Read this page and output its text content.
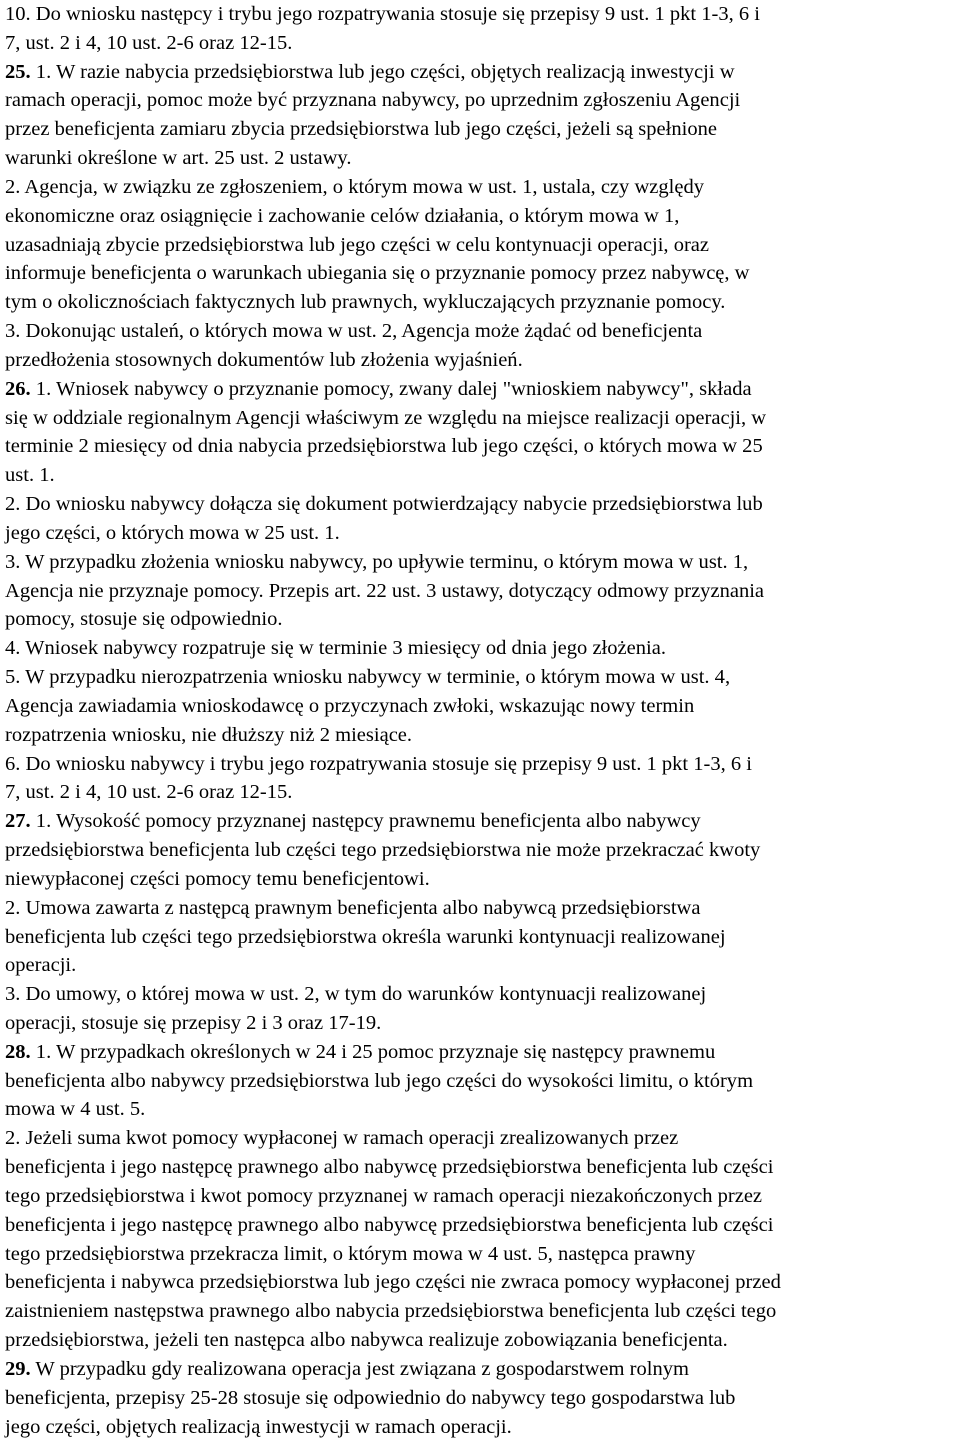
10. Do wniosku następcy i trybu jego rozpatrywania stosuje się przepisy 9 ust. 1 pkt 1-3, 6 i
7, ust. 2 i 4, 10 ust. 2-6 oraz 12-15.
25. 1. W razie nabycia przedsiębiorstwa lub jego części, objętych realizacją inwestycji w
ramach operacji, pomoc może być przyznana nabywcy, po uprzednim zgłoszeniu Agencji
przez beneficjenta zamiaru zbycia przedsiębiorstwa lub jego części, jeżeli są spełnione
warunki określone w art. 25 ust. 2 ustawy.
2. Agencja, w związku ze zgłoszeniem, o którym mowa w ust. 1, ustala, czy względy
ekonomiczne oraz osiągnięcie i zachowanie celów działania, o którym mowa w 1,
uzasadniają zbycie przedsiębiorstwa lub jego części w celu kontynuacji operacji, oraz
informuje beneficjenta o warunkach ubiegania się o przyznanie pomocy przez nabywcę, w
tym o okolicznościach faktycznych lub prawnych, wykluczających przyznanie pomocy.
3. Dokonując ustaleń, o których mowa w ust. 2, Agencja może żądać od beneficjenta
przedłożenia stosownych dokumentów lub złożenia wyjaśnień.
26. 1. Wniosek nabywcy o przyznanie pomocy, zwany dalej "wnioskiem nabywcy", składa
się w oddziale regionalnym Agencji właściwym ze względu na miejsce realizacji operacji, w
terminie 2 miesięcy od dnia nabycia przedsiębiorstwa lub jego części, o których mowa w 25
ust. 1.
2. Do wniosku nabywcy dołącza się dokument potwierdzający nabycie przedsiębiorstwa lub
jego części, o których mowa w 25 ust. 1.
3. W przypadku złożenia wniosku nabywcy, po upływie terminu, o którym mowa w ust. 1,
Agencja nie przyznaje pomocy. Przepis art. 22 ust. 3 ustawy, dotyczący odmowy przyznania
pomocy, stosuje się odpowiednio.
4. Wniosek nabywcy rozpatruje się w terminie 3 miesięcy od dnia jego złożenia.
5. W przypadku nierozpatrzenia wniosku nabywcy w terminie, o którym mowa w ust. 4,
Agencja zawiadamia wnioskodawcę o przyczynach zwłoki, wskazując nowy termin
rozpatrzenia wniosku, nie dłuższy niż 2 miesiące.
6. Do wniosku nabywcy i trybu jego rozpatrywania stosuje się przepisy 9 ust. 1 pkt 1-3, 6 i
7, ust. 2 i 4, 10 ust. 2-6 oraz 12-15.
27. 1. Wysokość pomocy przyznanej następcy prawnemu beneficjenta albo nabywcy
przedsiębiorstwa beneficjenta lub części tego przedsiębiorstwa nie może przekraczać kwoty
niewypłaconej części pomocy temu beneficjentowi.
2. Umowa zawarta z następcą prawnym beneficjenta albo nabywcą przedsiębiorstwa
beneficjenta lub części tego przedsiębiorstwa określa warunki kontynuacji realizowanej
operacji.
3. Do umowy, o której mowa w ust. 2, w tym do warunków kontynuacji realizowanej
operacji, stosuje się przepisy 2 i 3 oraz 17-19.
28. 1. W przypadkach określonych w 24 i 25 pomoc przyznaje się następcy prawnemu
beneficjenta albo nabywcy przedsiębiorstwa lub jego części do wysokości limitu, o którym
mowa w 4 ust. 5.
2. Jeżeli suma kwot pomocy wypłaconej w ramach operacji zrealizowanych przez
beneficjenta i jego następcę prawnego albo nabywcę przedsiębiorstwa beneficjenta lub części
tego przedsiębiorstwa i kwot pomocy przyznanej w ramach operacji niezakończonych przez
beneficjenta i jego następcę prawnego albo nabywcę przedsiębiorstwa beneficjenta lub części
tego przedsiębiorstwa przekracza limit, o którym mowa w 4 ust. 5, następca prawny
beneficjenta i nabywca przedsiębiorstwa lub jego części nie zwraca pomocy wypłaconej przed
zaistnieniem następstwa prawnego albo nabycia przedsiębiorstwa beneficjenta lub części tego
przedsiębiorstwa, jeżeli ten następca albo nabywca realizuje zobowiązania beneficjenta.
29. W przypadku gdy realizowana operacja jest związana z gospodarstwem rolnym
beneficjenta, przepisy 25-28 stosuje się odpowiednio do nabywcy tego gospodarstwa lub
jego części, objętych realizacją inwestycji w ramach operacji.
